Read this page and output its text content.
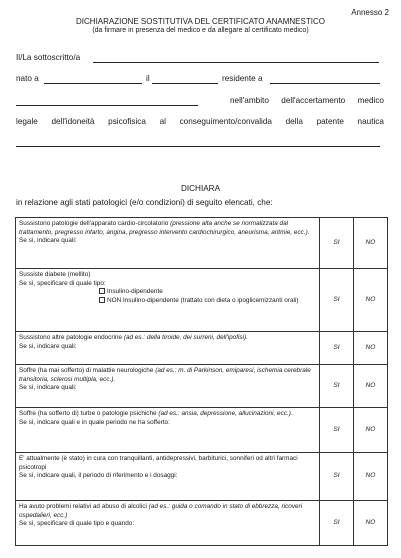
Annesso 2
DICHIARAZIONE SOSTITUTIVA DEL CERTIFICATO ANAMNESTICO
(da firmare in presenza del medico e da allegare al certificato medico)
Il/La sottoscritto/a
nato a	il	residente a
nell'ambito dell'accertamento medico
legale dell'idoneità psicofisica al conseguimento/convalida della patente nautica
DICHIARA
in relazione agli stati patologici (e/o condizioni) di seguito elencati, che:
Sussistono patologie dell'apparato cardio-circolatorio (pressione alta anche se normalizzata dal trattamento, pregresso infarto, angina, pregresso intervento cardiochirurgico, aneurisma, aritmie, ecc.).
Se sì, indicare quali:	SI	NO
Sussiste diabete (mellito)
Se sì, specificare di quale tipo:
Insulino-dipendente
NON Insulino-dipendente (trattato con dieta o ipoglicemizzanti orali)	SI	NO
Sussistono altre patologie endocrine (ad es.: della tiroide, dei surreni, dell'ipofisi).
Se sì, indicare quali:	SI	NO
Soffre (ha mai sofferto) di malattie neurologiche (ad es.: m. di Parkinson, emiparesi, ischemia cerebrale transitoria, sclerosi multipla, ecc.).
Se sì, indicare quali:	SI	NO
Soffre (ha sofferto di) turbe o patologie psichiche (ad es.: ansia, depressione, allucinazioni, ecc.).
Se sì, indicare quali e in quale periodo ne ha sofferto:	SI	NO
E' attualmente (è stato) in cura con tranquillanti, antidepressivi, barbiturici, sonniferi od altri farmaci psicotropi
Se sì, indicare quali, il periodo di riferimento e i dosaggi:	SI	NO
Ha avuto problemi relativi ad abuso di alcolici (ad es.: guida o comando in stato di ebbrezza, ricoveri ospedalieri, ecc.)
Se sì, specificare di quale tipo e quando:	SI	NO
